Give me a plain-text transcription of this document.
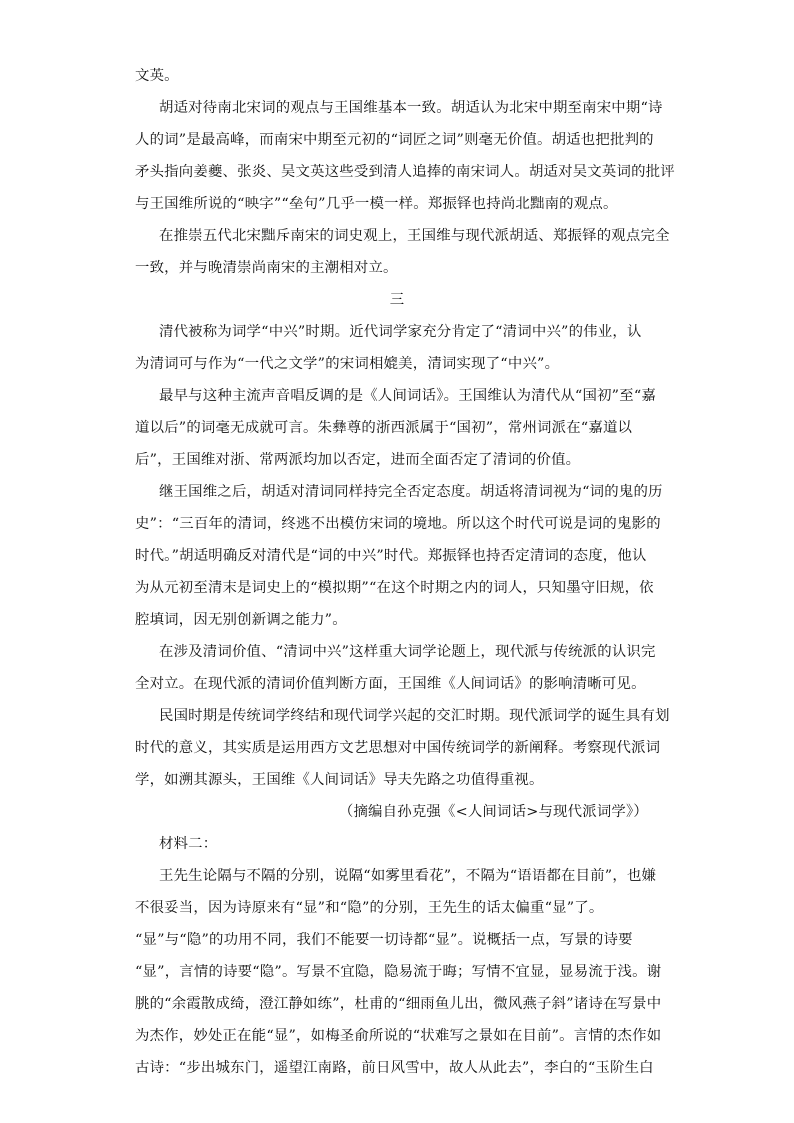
文英。
胡适对待南北宋词的观点与王国维基本一致。胡适认为北宋中期至南宋中期“诗
人的词”是最高峰，而南宋中期至元初的“词匠之词”则毫无价值。胡适也把批判的
矛头指向姜夔、张炎、吴文英这些受到清人追捧的南宋词人。胡适对吴文英词的批评
与王国维所说的“映字”“垒句”几乎一模一样。郑振铎也持尚北黜南的观点。
在推崇五代北宋黜斥南宋的词史观上，王国维与现代派胡适、郑振铎的观点完全
一致，并与晚清崇尚南宋的主潮相对立。
三
清代被称为词学“中兴”时期。近代词学家充分肯定了“清词中兴”的伟业，认
为清词可与作为“一代之文学”的宋词相媲美，清词实现了“中兴”。
最早与这种主流声音唱反调的是《人间词话》。王国维认为清代从“国初”至“嘉
道以后”的词毫无成就可言。朱彝尊的浙西派属于“国初”，常州词派在“嘉道以
后”，王国维对浙、常两派均加以否定，进而全面否定了清词的价值。
继王国维之后，胡适对清词同样持完全否定态度。胡适将清词视为“词的鬼的历
史”：“三百年的清词，终逃不出模仿宋词的境地。所以这个时代可说是词的鬼影的
时代。”胡适明确反对清代是“词的中兴”时代。郑振铎也持否定清词的态度，他认
为从元初至清末是词史上的“模拟期”“在这个时期之内的词人，只知墨守旧规，依
腔填词，因无别创新调之能力”。
在涉及清词价值、“清词中兴”这样重大词学论题上，现代派与传统派的认识完
全对立。在现代派的清词价值判断方面，王国维《人间词话》的影响清晰可见。
民国时期是传统词学终结和现代词学兴起的交汇时期。现代派词学的诞生具有划
时代的意义，其实质是运用西方文艺思想对中国传统词学的新阐释。考察现代派词
学，如溯其源头，王国维《人间词话》导夫先路之功值得重视。
（摘编自孙克强《<人间词话>与现代派词学》）
材料二：
王先生论隔与不隔的分别，说隔“如雾里看花”，不隔为“语语都在目前”，也嫌
不很妥当，因为诗原来有“显”和“隐”的分别，王先生的话太偏重“显”了。
“显”与“隐”的功用不同，我们不能要一切诗都“显”。说概括一点，写景的诗要
“显”，言情的诗要“隐”。写景不宜隐，隐易流于晦；写情不宜显，显易流于浅。谢
朓的“余霞散成绮，澄江静如练”，杜甫的“细雨鱼儿出，微风燕子斜”诸诗在写景中
为杰作，妙处正在能“显”，如梅圣俞所说的“状难写之景如在目前”。言情的杰作如
古诗：“步出城东门，遥望江南路，前日风雪中，故人从此去”，李白的“玉阶生白
